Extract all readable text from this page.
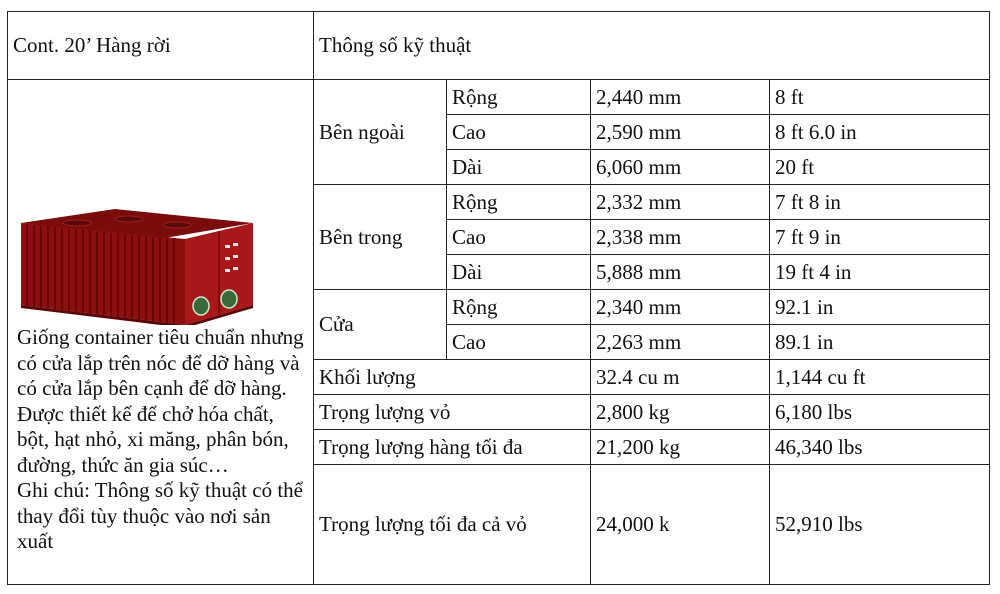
Cont. 20’ Hàng rời	Thông số kỹ thuật			

Giống container tiêu chuẩn nhưng có cửa lắp trên nóc để dỡ hàng và có cửa lắp bên cạnh để dỡ hàng. Được thiết kế để chở hóa chất, bột, hạt nhỏ, xi măng, phân bón, đường, thức ăn gia súc…
Ghi chú: Thông số kỹ thuật có thể thay đổi tùy thuộc vào nơi sản xuất	Bên ngoài	Rộng	2,440 mm	8 ft
		Cao	2,590 mm	8 ft 6.0 in
		Dài	6,060 mm	20 ft
	Bên trong	Rộng	2,332 mm	7 ft 8 in
		Cao	2,338 mm	7 ft 9 in
		Dài	5,888 mm	19 ft 4 in
	Cửa	Rộng	2,340 mm	92.1 in
		Cao	2,263 mm	89.1 in
	Khối lượng		32.4 cu m	1,144 cu ft
	Trọng lượng vỏ		2,800 kg	6,180 lbs
	Trọng lượng hàng tối đa		21,200 kg	46,340 lbs
	Trọng lượng tối đa cả vỏ		24,000 k	52,910 lbs
